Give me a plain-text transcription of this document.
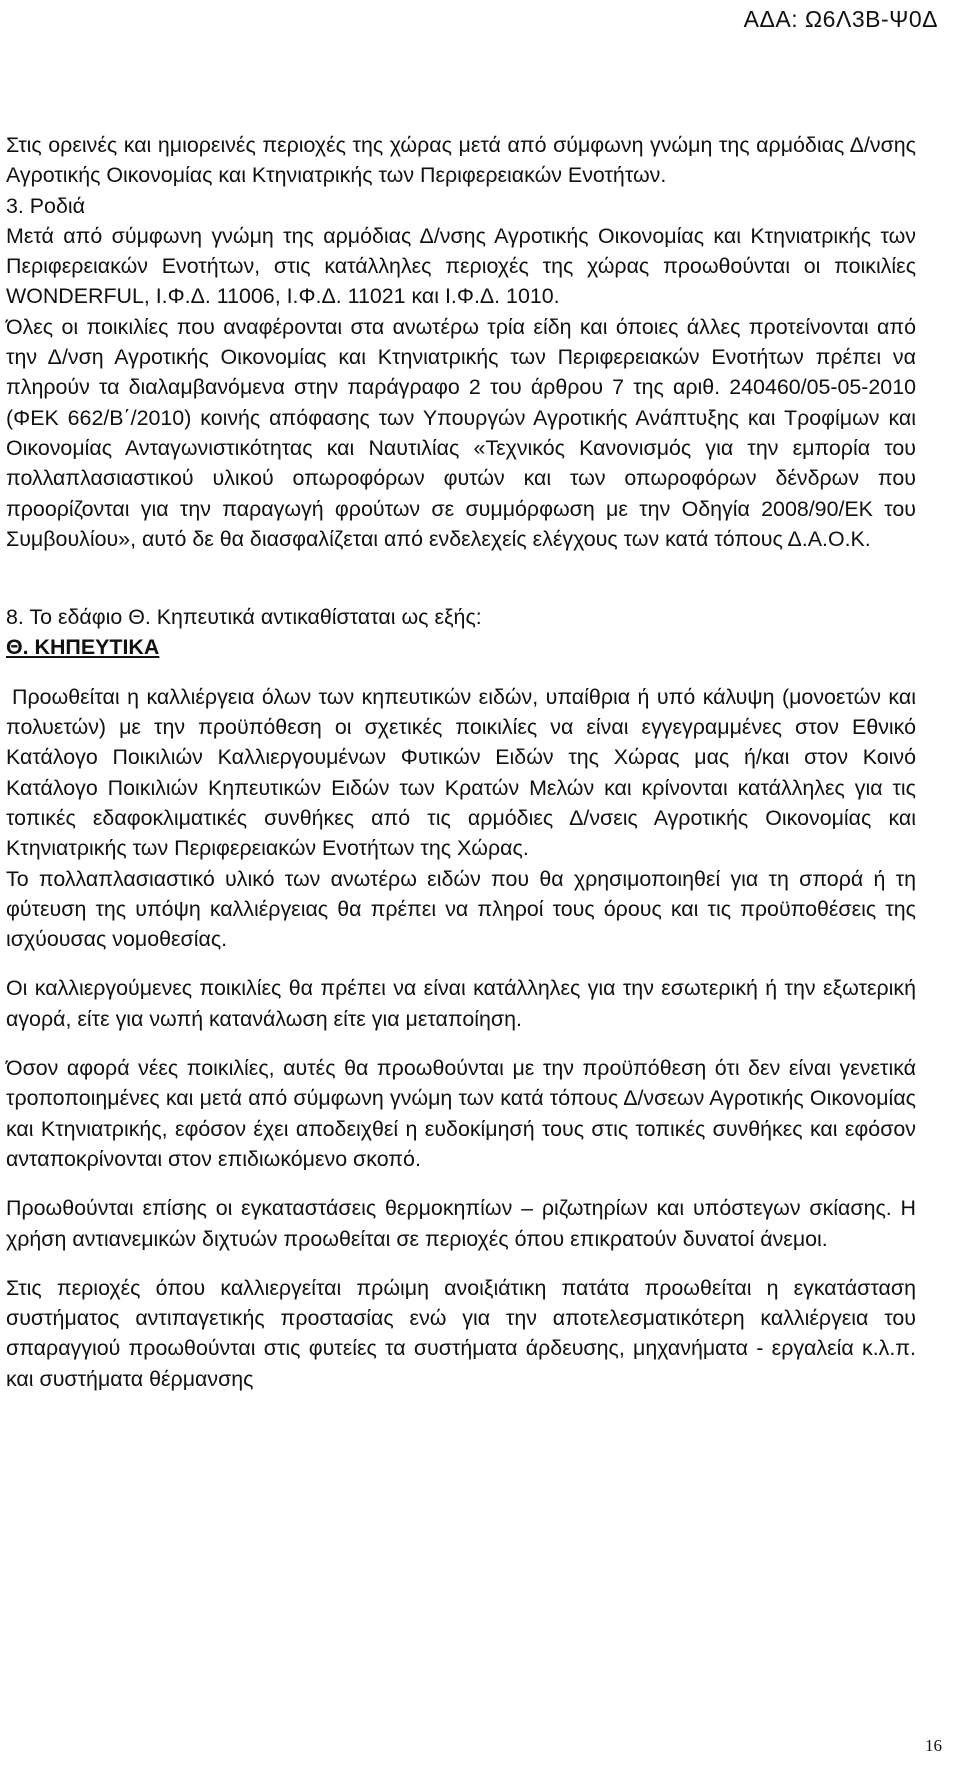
ΑΔΑ: Ω6Λ3Β-Ψ0Δ

Στις ορεινές και ημιορεινές περιοχές της χώρας μετά από σύμφωνη γνώμη της αρμόδιας Δ/νσης Αγροτικής Οικονομίας και Κτηνιατρικής των Περιφερειακών Ενοτήτων.

3. Ροδιά

Μετά από σύμφωνη γνώμη της αρμόδιας Δ/νσης Αγροτικής Οικονομίας και Κτηνιατρικής των Περιφερειακών Ενοτήτων, στις κατάλληλες περιοχές της χώρας προωθούνται οι ποικιλίες WONDERFUL, Ι.Φ.Δ. 11006, Ι.Φ.Δ. 11021 και Ι.Φ.Δ. 1010.

Όλες οι ποικιλίες που αναφέρονται στα ανωτέρω τρία είδη και όποιες άλλες προτείνονται από την Δ/νση Αγροτικής Οικονομίας και Κτηνιατρικής των Περιφερειακών Ενοτήτων πρέπει να πληρούν τα διαλαμβανόμενα στην παράγραφο 2 του άρθρου 7 της αριθ. 240460/05-05-2010 (ΦΕΚ 662/Β΄/2010) κοινής απόφασης των Υπουργών Αγροτικής Ανάπτυξης και Τροφίμων και Οικονομίας Ανταγωνιστικότητας και Ναυτιλίας «Τεχνικός Κανονισμός για την εμπορία του πολλαπλασιαστικού υλικού οπωροφόρων φυτών και των οπωροφόρων δένδρων που προορίζονται για την παραγωγή φρούτων σε συμμόρφωση με την Οδηγία 2008/90/ΕΚ του Συμβουλίου», αυτό δε θα διασφαλίζεται από ενδελεχείς ελέγχους των κατά τόπους Δ.Α.Ο.Κ.

8. Το εδάφιο Θ. Κηπευτικά αντικαθίσταται ως εξής:

Θ. ΚΗΠΕΥΤΙΚΑ

Προωθείται η καλλιέργεια όλων των κηπευτικών ειδών, υπαίθρια ή υπό κάλυψη (μονοετών και πολυετών) με την προϋπόθεση οι σχετικές ποικιλίες να είναι εγγεγραμμένες στον Εθνικό Κατάλογο Ποικιλιών Καλλιεργουμένων Φυτικών Ειδών της Χώρας μας ή/και στον Κοινό Κατάλογο Ποικιλιών Κηπευτικών Ειδών των Κρατών Μελών και κρίνονται κατάλληλες για τις τοπικές εδαφοκλιματικές συνθήκες από τις αρμόδιες Δ/νσεις Αγροτικής Οικονομίας και Κτηνιατρικής των Περιφερειακών Ενοτήτων της Χώρας.

Το πολλαπλασιαστικό υλικό των ανωτέρω ειδών που θα χρησιμοποιηθεί για τη σπορά ή τη φύτευση της υπόψη καλλιέργειας θα πρέπει να πληροί τους όρους και τις προϋποθέσεις της ισχύουσας νομοθεσίας.

Οι καλλιεργούμενες ποικιλίες θα πρέπει να είναι κατάλληλες για την εσωτερική ή την εξωτερική αγορά, είτε για νωπή κατανάλωση είτε για μεταποίηση.

Όσον αφορά νέες ποικιλίες, αυτές θα προωθούνται με την προϋπόθεση ότι δεν είναι γενετικά τροποποιημένες και μετά από σύμφωνη γνώμη των κατά τόπους Δ/νσεων Αγροτικής Οικονομίας και Κτηνιατρικής, εφόσον έχει αποδειχθεί η ευδοκίμησή τους στις τοπικές συνθήκες και εφόσον ανταποκρίνονται στον επιδιωκόμενο σκοπό.

Προωθούνται επίσης οι εγκαταστάσεις θερμοκηπίων – ριζωτηρίων και υπόστεγων σκίασης. Η χρήση αντιανεμικών διχτυών προωθείται σε περιοχές όπου επικρατούν δυνατοί άνεμοι.

Στις περιοχές όπου καλλιεργείται πρώιμη ανοιξιάτικη πατάτα προωθείται η εγκατάσταση συστήματος αντιπαγετικής προστασίας ενώ για την αποτελεσματικότερη καλλιέργεια του σπαραγγιού προωθούνται στις φυτείες τα συστήματα άρδευσης, μηχανήματα - εργαλεία κ.λ.π. και συστήματα θέρμανσης

16
